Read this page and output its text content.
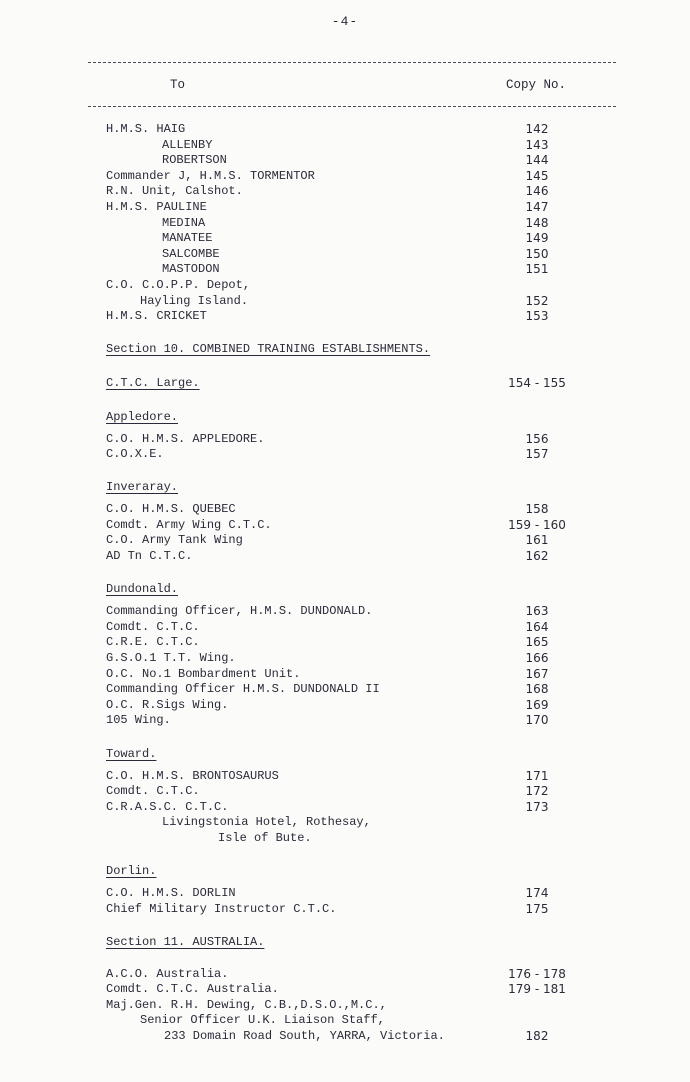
-4-
To	Copy No.
H.M.S. HAIG	142
ALLENBY	143
ROBERTSON	144
Commander J, H.M.S. TORMENTOR	145
R.N. Unit, Calshot.	146
H.M.S. PAULINE	147
MEDINA	148
MANATEE	149
SALCOMBE	150
MASTODON	151
C.O. C.O.P.P. Depot,
Hayling Island.	152
H.M.S. CRICKET	153
Section 10. COMBINED TRAINING ESTABLISHMENTS.
C.T.C. Large.	154 - 155
Appledore.
C.O. H.M.S. APPLEDORE.	156
C.O.X.E.	157
Inveraray.
C.O. H.M.S. QUEBEC	158
Comdt. Army Wing C.T.C.	159 - 160
C.O. Army Tank Wing	161
AD Tn C.T.C.	162
Dundonald.
Commanding Officer, H.M.S. DUNDONALD.	163
Comdt. C.T.C.	164
C.R.E. C.T.C.	165
G.S.O.1 T.T. Wing.	166
O.C. No.1 Bombardment Unit.	167
Commanding Officer H.M.S. DUNDONALD II	168
O.C. R.Sigs Wing.	169
105 Wing.	170
Toward.
C.O. H.M.S. BRONTOSAURUS	171
Comdt. C.T.C.	172
C.R.A.S.C. C.T.C.	173
Livingstonia Hotel, Rothesay,
Isle of Bute.
Dorlin.
C.O. H.M.S. DORLIN	174
Chief Military Instructor C.T.C.	175
Section 11. AUSTRALIA.
A.C.O. Australia.	176 - 178
Comdt. C.T.C. Australia.	179 - 181
Maj.Gen. R.H. Dewing, C.B.,D.S.O.,M.C.,
Senior Officer U.K. Liaison Staff,
233 Domain Road South, YARRA, Victoria.	182
